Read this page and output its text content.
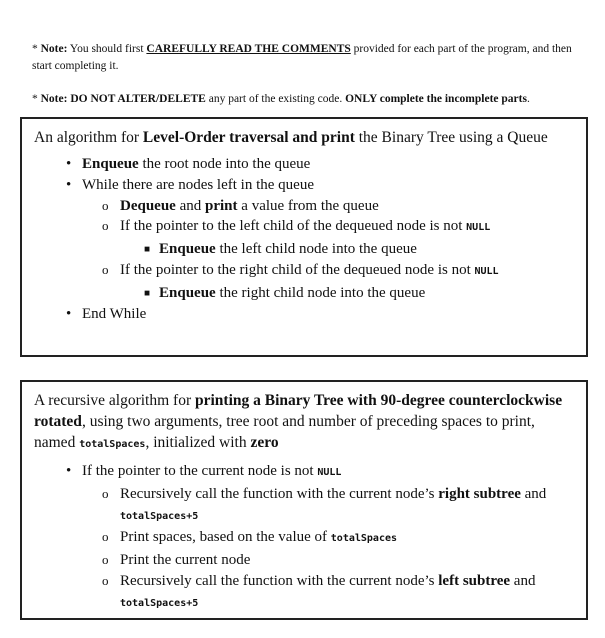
* Note: You should first CAREFULLY READ THE COMMENTS provided for each part of the program, and then start completing it.
* Note: DO NOT ALTER/DELETE any part of the existing code. ONLY complete the incomplete parts.

An algorithm for Level-Order traversal and print the Binary Tree using a Queue

• Enqueue the root node into the queue
• While there are nodes left in the queue
o Dequeue and print a value from the queue
o If the pointer to the left child of the dequeued node is not NULL
■ Enqueue the left child node into the queue
o If the pointer to the right child of the dequeued node is not NULL
■ Enqueue the right child node into the queue
• End While

A recursive algorithm for printing a Binary Tree with 90-degree counterclockwise rotated, using two arguments, tree root and number of preceding spaces to print, named totalSpaces, initialized with zero

• If the pointer to the current node is not NULL
o Recursively call the function with the current node’s right subtree and totalSpaces+5
o Print spaces, based on the value of totalSpaces
o Print the current node
o Recursively call the function with the current node’s left subtree and totalSpaces+5
